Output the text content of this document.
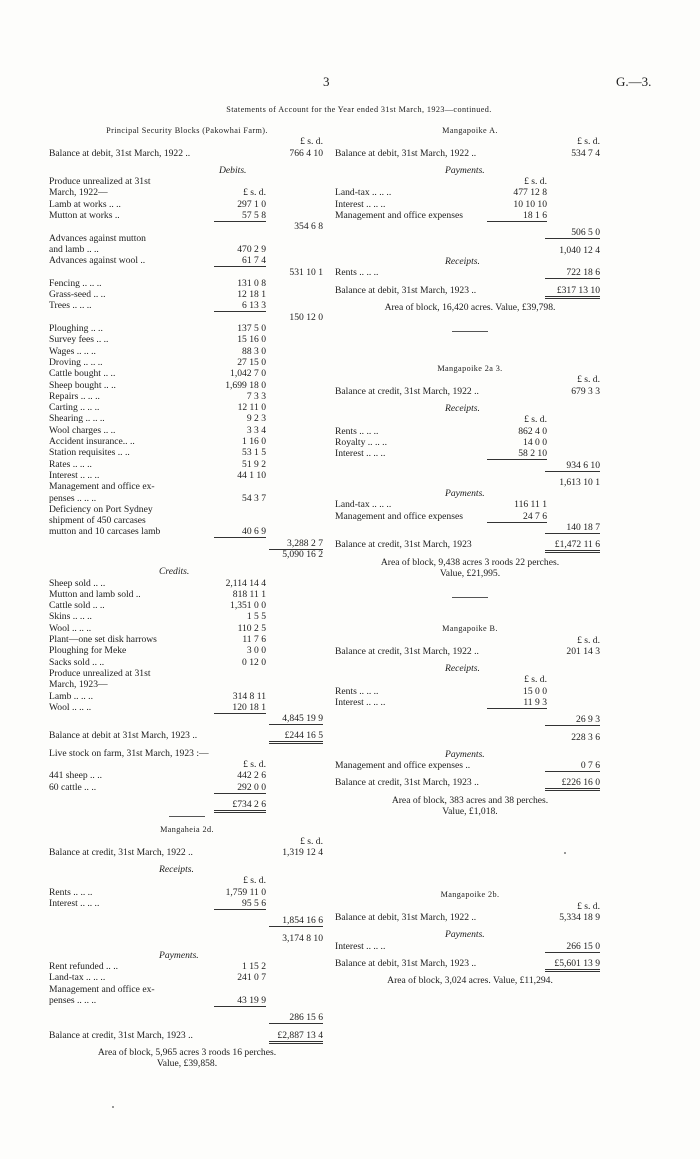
3	G.—3.
Statements of Account for the Year ended 31st March, 1923—continued.
Principal Security Blocks (Pakowhai Farm).
£ s. d.
Balance at debit, 31st March, 1922 ..	766 4 10
Debits.
Produce unrealized at 31st
March, 1922—	£ s. d.
Lamb at works .. ..	297 1 0
Mutton at works ..	57 5 8
354 6 8
Advances against mutton
and lamb .. ..	470 2 9
Advances against wool ..	61 7 4
531 10 1
Fencing .. .. ..	131 0 8
Grass-seed .. ..	12 18 1
Trees .. .. ..	6 13 3
150 12 0
Ploughing .. ..	137 5 0
Survey fees .. ..	15 16 0
Wages .. .. ..	88 3 0
Droving .. .. ..	27 15 0
Cattle bought .. ..	1,042 7 0
Sheep bought .. ..	1,699 18 0
Repairs .. .. ..	7 3 3
Carting .. .. ..	12 11 0
Shearing .. .. ..	9 2 3
Wool charges .. ..	3 3 4
Accident insurance.. ..	1 16 0
Station requisites .. ..	53 1 5
Rates .. .. ..	51 9 2
Interest .. .. ..	44 1 10
Management and office ex-
penses .. .. ..	54 3 7
Deficiency on Port Sydney
shipment of 450 carcases
mutton and 10 carcases lamb	40 6 9
3,288 2 7
5,090 16 2
Credits.
Sheep sold .. ..	2,114 14 4
Mutton and lamb sold ..	818 11 1
Cattle sold .. ..	1,351 0 0
Skins .. .. ..	1 5 5
Wool .. .. ..	110 2 5
Plant—one set disk harrows	11 7 6
Ploughing for Meke	3 0 0
Sacks sold .. ..	0 12 0
Produce unrealized at 31st
March, 1923—
Lamb .. .. ..	314 8 11
Wool .. .. ..	120 18 1
4,845 19 9
Balance at debit at 31st March, 1923 ..	£244 16 5
Live stock on farm, 31st March, 1923 :—
£ s. d.
441 sheep .. ..	442 2 6
60 cattle .. ..	292 0 0
£734 2 6
Mangaheia 2d.
£ s. d.
Balance at credit, 31st March, 1922 ..	1,319 12 4
Receipts.
£ s. d.
Rents .. .. ..	1,759 11 0
Interest .. .. ..	95 5 6
1,854 16 6
3,174 8 10
Payments.
Rent refunded .. ..	1 15 2
Land-tax .. .. ..	241 0 7
Management and office ex-
penses .. .. ..	43 19 9
286 15 6
Balance at credit, 31st March, 1923 ..	£2,887 13 4
Area of block, 5,965 acres 3 roods 16 perches.
Value, £39,858.
Mangapoike A.
£ s. d.
Balance at debit, 31st March, 1922 ..	534 7 4
Payments.
£ s. d.
Land-tax .. .. ..	477 12 8
Interest .. .. ..	10 10 10
Management and office expenses	18 1 6
506 5 0
1,040 12 4
Receipts.
Rents .. .. ..	722 18 6
Balance at debit, 31st March, 1923 ..	£317 13 10
Area of block, 16,420 acres. Value, £39,798.
Mangapoike 2a 3.
£ s. d.
Balance at credit, 31st March, 1922 ..	679 3 3
Receipts.
£ s. d.
Rents .. .. ..	862 4 0
Royalty .. .. ..	14 0 0
Interest .. .. ..	58 2 10
934 6 10
1,613 10 1
Payments.
Land-tax .. .. ..	116 11 1
Management and office expenses	24 7 6
140 18 7
Balance at credit, 31st March, 1923	£1,472 11 6
Area of block, 9,438 acres 3 roods 22 perches.
Value, £21,995.
Mangapoike B.
£ s. d.
Balance at credit, 31st March, 1922 ..	201 14 3
Receipts.
£ s. d.
Rents .. .. ..	15 0 0
Interest .. .. ..	11 9 3
26 9 3
228 3 6
Payments.
Management and office expenses ..	0 7 6
Balance at credit, 31st March, 1923 ..	£226 16 0
Area of block, 383 acres and 38 perches.
Value, £1,018.
Mangapoike 2b.
£ s. d.
Balance at debit, 31st March, 1922 ..	5,334 18 9
Payments.
Interest .. .. ..	266 15 0
Balance at debit, 31st March, 1923 ..	£5,601 13 9
Area of block, 3,024 acres. Value, £11,294.
